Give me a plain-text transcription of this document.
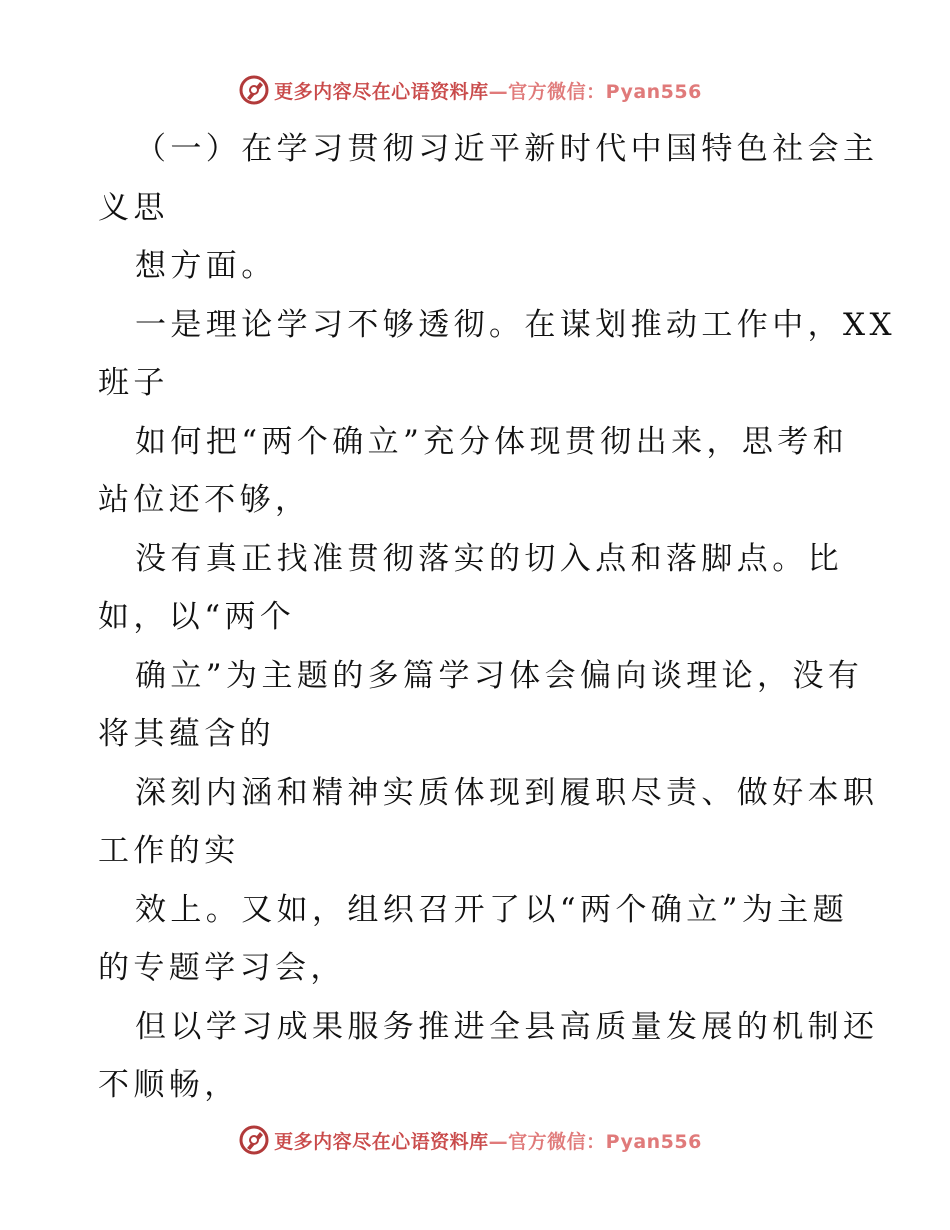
更多内容尽在心语资料库—官方微信：Pyan556
（一）在学习贯彻习近平新时代中国特色社会主
义思
想方面。
一是理论学习不够透彻。在谋划推动工作中，XX
班子
如何把“两个确立”充分体现贯彻出来，思考和
站位还不够，
没有真正找准贯彻落实的切入点和落脚点。比
如，以“两个
确立”为主题的多篇学习体会偏向谈理论，没有
将其蕴含的
深刻内涵和精神实质体现到履职尽责、做好本职
工作的实
效上。又如，组织召开了以“两个确立”为主题
的专题学习会，
但以学习成果服务推进全县高质量发展的机制还
不顺畅，
更多内容尽在心语资料库—官方微信：Pyan556
